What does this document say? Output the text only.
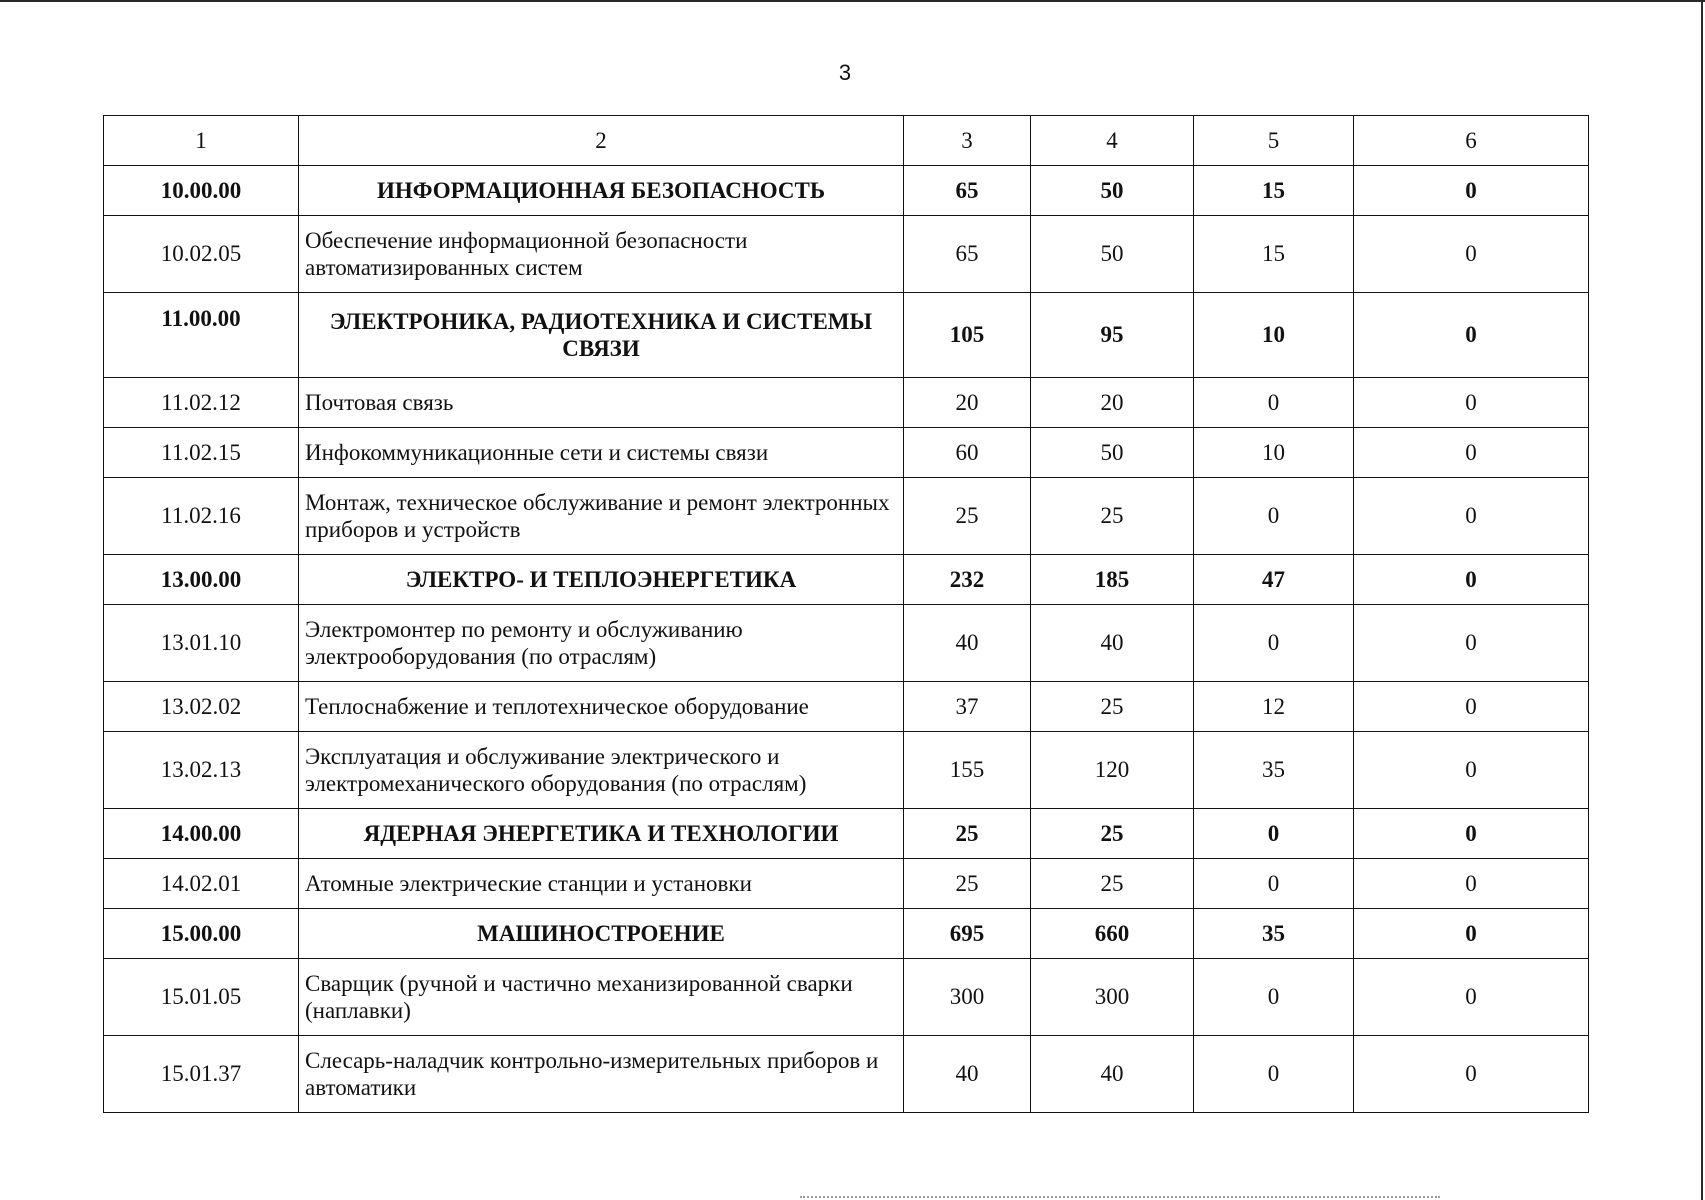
3
1	2	3	4	5	6
10.00.00	ИНФОРМАЦИОННАЯ БЕЗОПАСНОСТЬ	65	50	15	0
10.02.05	Обеспечение информационной безопасности автоматизированных систем	65	50	15	0
11.00.00	ЭЛЕКТРОНИКА, РАДИОТЕХНИКА И СИСТЕМЫ СВЯЗИ	105	95	10	0
11.02.12	Почтовая связь	20	20	0	0
11.02.15	Инфокоммуникационные сети и системы связи	60	50	10	0
11.02.16	Монтаж, техническое обслуживание и ремонт электронных приборов и устройств	25	25	0	0
13.00.00	ЭЛЕКТРО- И ТЕПЛОЭНЕРГЕТИКА	232	185	47	0
13.01.10	Электромонтер по ремонту и обслуживанию электрооборудования (по отраслям)	40	40	0	0
13.02.02	Теплоснабжение и теплотехническое оборудование	37	25	12	0
13.02.13	Эксплуатация и обслуживание электрического и электромеханического оборудования (по отраслям)	155	120	35	0
14.00.00	ЯДЕРНАЯ ЭНЕРГЕТИКА И ТЕХНОЛОГИИ	25	25	0	0
14.02.01	Атомные электрические станции и установки	25	25	0	0
15.00.00	МАШИНОСТРОЕНИЕ	695	660	35	0
15.01.05	Сварщик (ручной и частично механизированной сварки (наплавки)	300	300	0	0
15.01.37	Слесарь-наладчик контрольно-измерительных приборов и автоматики	40	40	0	0
